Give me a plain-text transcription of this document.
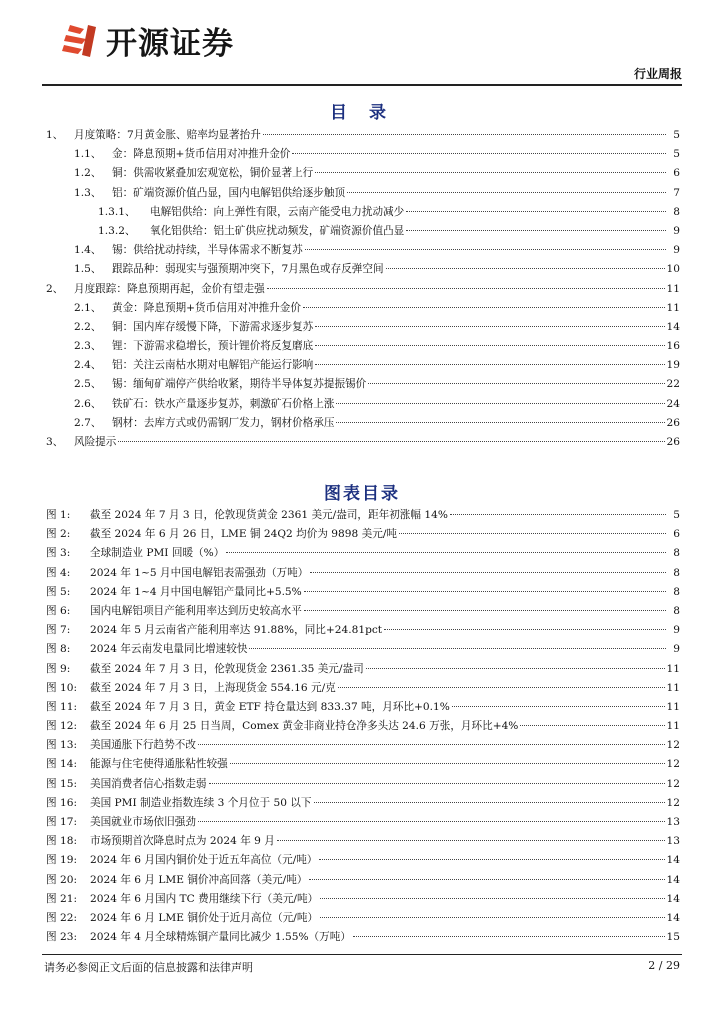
开源证券
行业周报
目 录
1、	月度策略：7月黄金胀、赔率均显著抬升	5
1.1、 金：降息预期+货币信用对冲推升金价	5
1.2、 铜：供需收紧叠加宏观宽松，铜价显著上行	6
1.3、 铝：矿端资源价值凸显，国内电解铝供给逐步触顶	7
1.3.1、	电解铝供给：向上弹性有限，云南产能受电力扰动减少	8
1.3.2、	氧化铝供给：铝土矿供应扰动频发，矿端资源价值凸显	9
1.4、 锡：供给扰动持续，半导体需求不断复苏	9
1.5、 跟踪品种：弱现实与强预期冲突下，7月黑色或存反弹空间	10
2、	月度跟踪：降息预期再起，金价有望走强	11
2.1、 黄金：降息预期+货币信用对冲推升金价	11
2.2、 铜：国内库存缓慢下降，下游需求逐步复苏	14
2.3、 锂：下游需求稳增长，预计锂价将反复磨底	16
2.4、 铝：关注云南枯水期对电解铝产能运行影响	19
2.5、 锡：缅甸矿端停产供给收紧，期待半导体复苏提振锡价	22
2.6、 铁矿石：铁水产量逐步复苏，刺激矿石价格上涨	24
2.7、 钢材：去库方式或仍需钢厂发力，钢材价格承压	26
3、	风险提示	26
图表目录
图 1:	截至 2024 年 7 月 3 日，伦敦现货黄金 2361 美元/盎司，距年初涨幅 14%	5
图 2:	截至 2024 年 6 月 26 日，LME 铜 24Q2 均价为 9898 美元/吨	6
图 3:	全球制造业 PMI 回暖（%）	8
图 4:	2024 年 1~5 月中国电解铝表需强劲（万吨）	8
图 5:	2024 年 1~4 月中国电解铝产量同比+5.5%	8
图 6:	国内电解铝项目产能利用率达到历史较高水平	8
图 7:	2024 年 5 月云南省产能利用率达 91.88%，同比+24.81pct	9
图 8:	2024 年云南发电量同比增速较快	9
图 9:	截至 2024 年 7 月 3 日，伦敦现货金 2361.35 美元/盎司	11
图 10:	截至 2024 年 7 月 3 日，上海现货金 554.16 元/克	11
图 11:	截至 2024 年 7 月 3 日，黄金 ETF 持仓量达到 833.37 吨，月环比+0.1%	11
图 12:	截至 2024 年 6 月 25 日当周，Comex 黄金非商业持仓净多头达 24.6 万张，月环比+4%	11
图 13:	美国通胀下行趋势不改	12
图 14:	能源与住宅使得通胀粘性较强	12
图 15:	美国消费者信心指数走弱	12
图 16:	美国 PMI 制造业指数连续 3 个月位于 50 以下	12
图 17:	美国就业市场依旧强劲	13
图 18:	市场预期首次降息时点为 2024 年 9 月	13
图 19:	2024 年 6 月国内铜价处于近五年高位（元/吨）	14
图 20:	2024 年 6 月 LME 铜价冲高回落（美元/吨）	14
图 21:	2024 年 6 月国内 TC 费用继续下行（美元/吨）	14
图 22:	2024 年 6 月 LME 铜价处于近月高位（元/吨）	14
图 23:	2024 年 4 月全球精炼铜产量同比减少 1.55%（万吨）	15
请务必参阅正文后面的信息披露和法律声明	2 / 29
